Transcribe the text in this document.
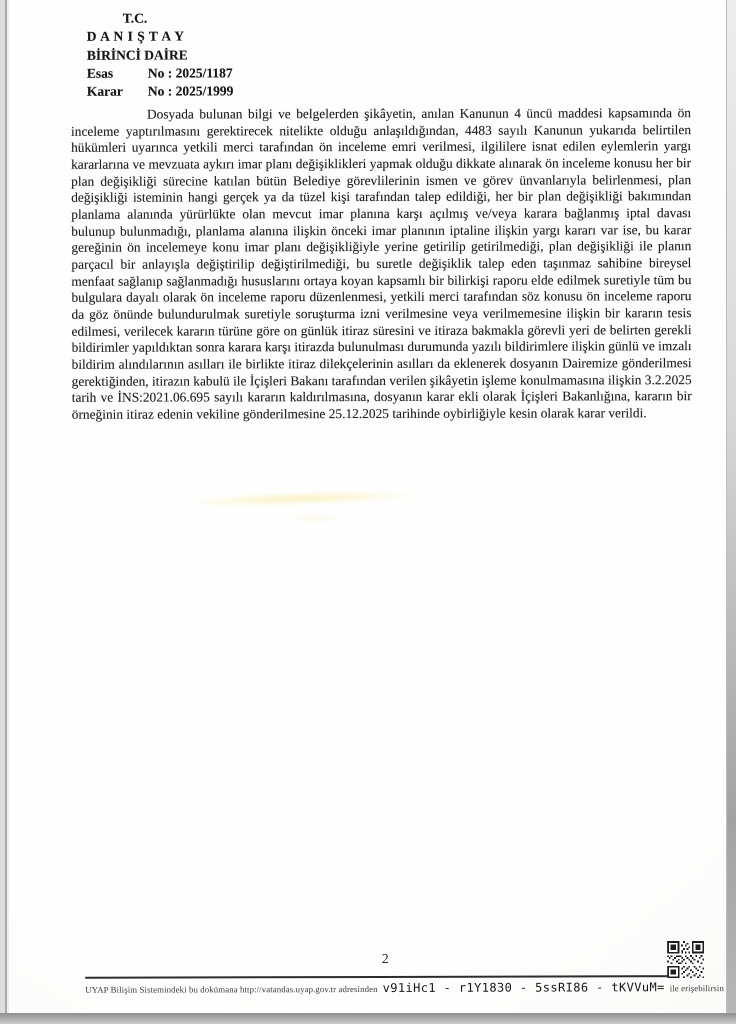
T.C.
D A N I Ş T A Y
BİRİNCİ DAİRE
Esas	No : 2025/1187
Karar No : 2025/1999

Dosyada bulunan bilgi ve belgelerden şikâyetin, anılan Kanunun 4 üncü maddesi kapsamında ön inceleme yaptırılmasını gerektirecek nitelikte olduğu anlaşıldığından, 4483 sayılı Kanunun yukarıda belirtilen hükümleri uyarınca yetkili merci tarafından ön inceleme emri verilmesi, ilgililere isnat edilen eylemlerin yargı kararlarına ve mevzuata aykırı imar planı değişiklikleri yapmak olduğu dikkate alınarak ön inceleme konusu her bir plan değişikliği sürecine katılan bütün Belediye görevlilerinin ismen ve görev ünvanlarıyla belirlenmesi, plan değişikliği isteminin hangi gerçek ya da tüzel kişi tarafından talep edildiği, her bir plan değişikliği bakımından planlama alanında yürürlükte olan mevcut imar planına karşı açılmış ve/veya karara bağlanmış iptal davası bulunup bulunmadığı, planlama alanına ilişkin önceki imar planının iptaline ilişkin yargı kararı var ise, bu karar gereğinin ön incelemeye konu imar planı değişikliğiyle yerine getirilip getirilmediği, plan değişikliği ile planın parçacıl bir anlayışla değiştirilip değiştirilmediği, bu suretle değişiklik talep eden taşınmaz sahibine bireysel menfaat sağlanıp sağlanmadığı hususlarını ortaya koyan kapsamlı bir bilirkişi raporu elde edilmek suretiyle tüm bu bulgulara dayalı olarak ön inceleme raporu düzenlenmesi, yetkili merci tarafından söz konusu ön inceleme raporu da göz önünde bulundurulmak suretiyle soruşturma izni verilmesine veya verilmemesine ilişkin bir kararın tesis edilmesi, verilecek kararın türüne göre on günlük itiraz süresini ve itiraza bakmakla görevli yeri de belirten gerekli bildirimler yapıldıktan sonra karara karşı itirazda bulunulması durumunda yazılı bildirimlere ilişkin günlü ve imzalı bildirim alındılarının asılları ile birlikte itiraz dilekçelerinin asılları da eklenerek dosyanın Dairemize gönderilmesi gerektiğinden, itirazın kabulü ile İçişleri Bakanı tarafından verilen şikâyetin işleme konulmamasına ilişkin 3.2.2025 tarih ve İNS:2021.06.695 sayılı kararın kaldırılmasına, dosyanın karar ekli olarak İçişleri Bakanlığına, kararın bir örneğinin itiraz edenin vekiline gönderilmesine 25.12.2025 tarihinde oybirliğiyle kesin olarak karar verildi.

2
UYAP Bilişim Sistemindeki bu dokümana http://vatandas.uyap.gov.tr adresinden v91iHc1 - r1Y1830 - 5ssRI86 - tKVVuM= ile erişebilirsin
